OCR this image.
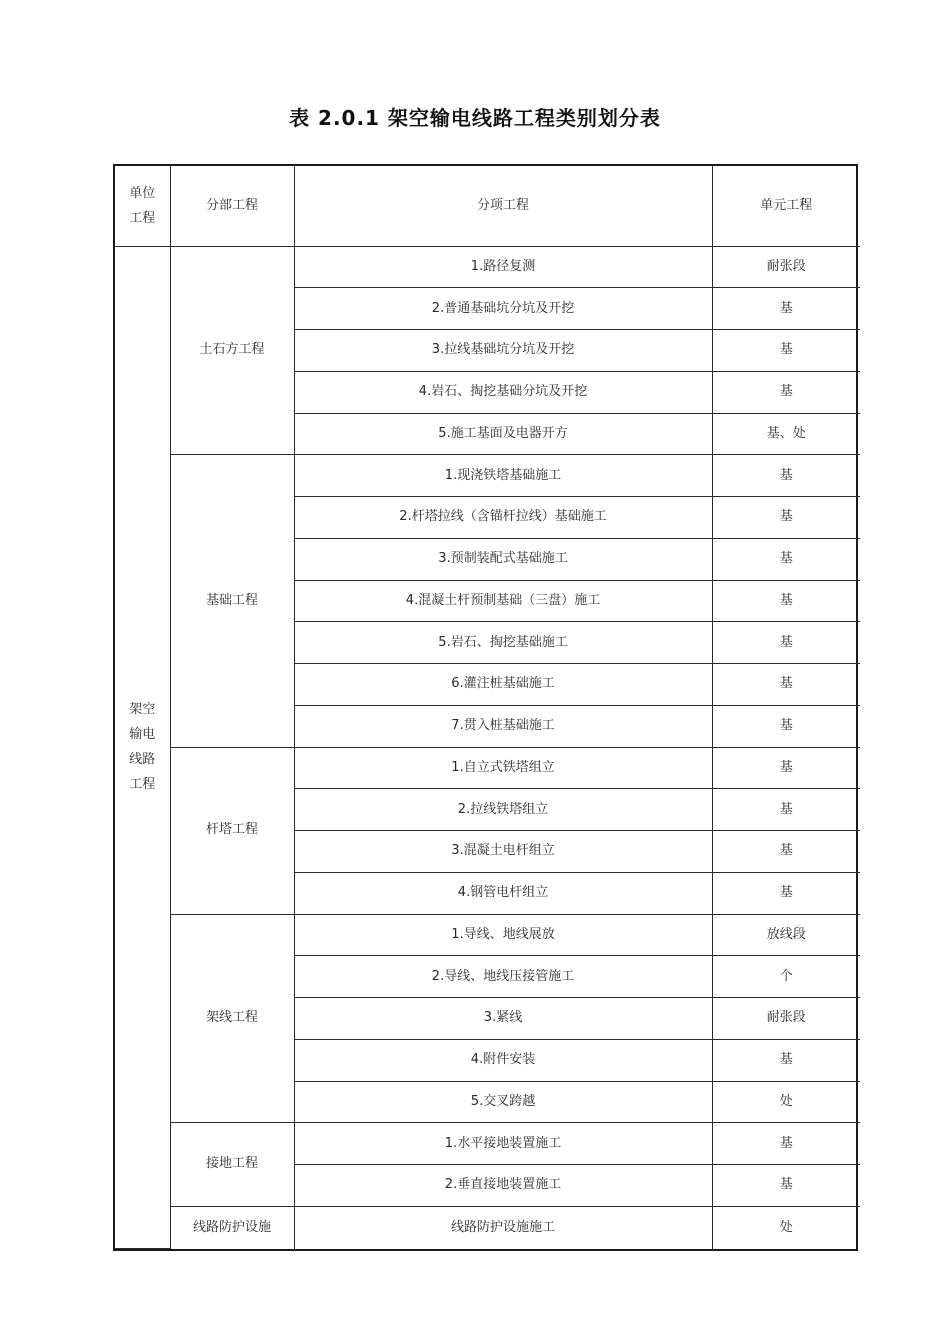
表 2.0.1 架空输电线路工程类别划分表
单位
工程	分部工程	分项工程	单元工程

架空
输电
线路
工程	土石方工程	1.路径复测	耐张段
		2.普通基础坑分坑及开挖	基
		3.拉线基础坑分坑及开挖	基
		4.岩石、掏挖基础分坑及开挖	基
		5.施工基面及电器开方	基、处
	基础工程	1.现浇铁塔基础施工	基
		2.杆塔拉线（含锚杆拉线）基础施工	基
		3.预制装配式基础施工	基
		4.混凝土杆预制基础（三盘）施工	基
		5.岩石、掏挖基础施工	基
		6.灌注桩基础施工	基
		7.贯入桩基础施工	基
	杆塔工程	1.自立式铁塔组立	基
		2.拉线铁塔组立	基
		3.混凝土电杆组立	基
		4.钢管电杆组立	基
	架线工程	1.导线、地线展放	放线段
		2.导线、地线压接管施工	个
		3.紧线	耐张段
		4.附件安装	基
		5.交叉跨越	处
	接地工程	1.水平接地装置施工	基
		2.垂直接地装置施工	基
	线路防护设施	线路防护设施施工	处
